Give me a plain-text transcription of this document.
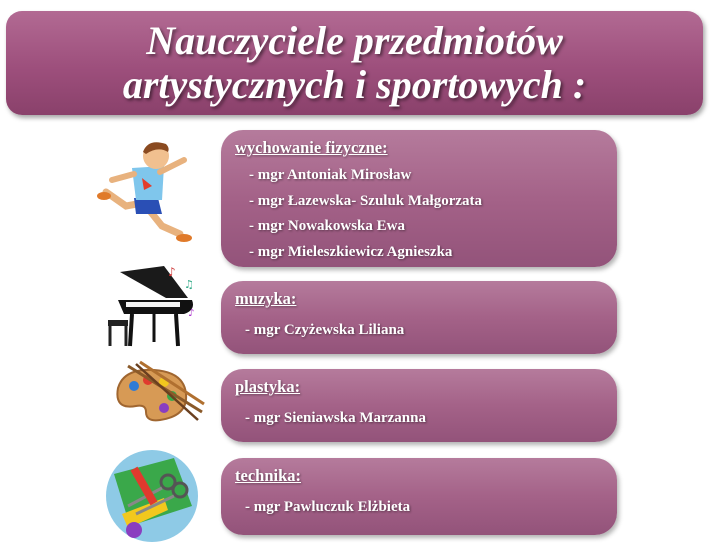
Nauczyciele przedmiotów
artystycznych i sportowych :
wychowanie fizyczne:
- mgr Antoniak Mirosław
- mgr Łazewska- Szuluk Małgorzata
- mgr Nowakowska Ewa
- mgr Mieleszkiewicz Agnieszka
♪
♫
♪
muzyka:
- mgr Czyżewska Liliana
plastyka:
- mgr Sieniawska Marzanna
technika:
- mgr Pawluczuk Elżbieta
